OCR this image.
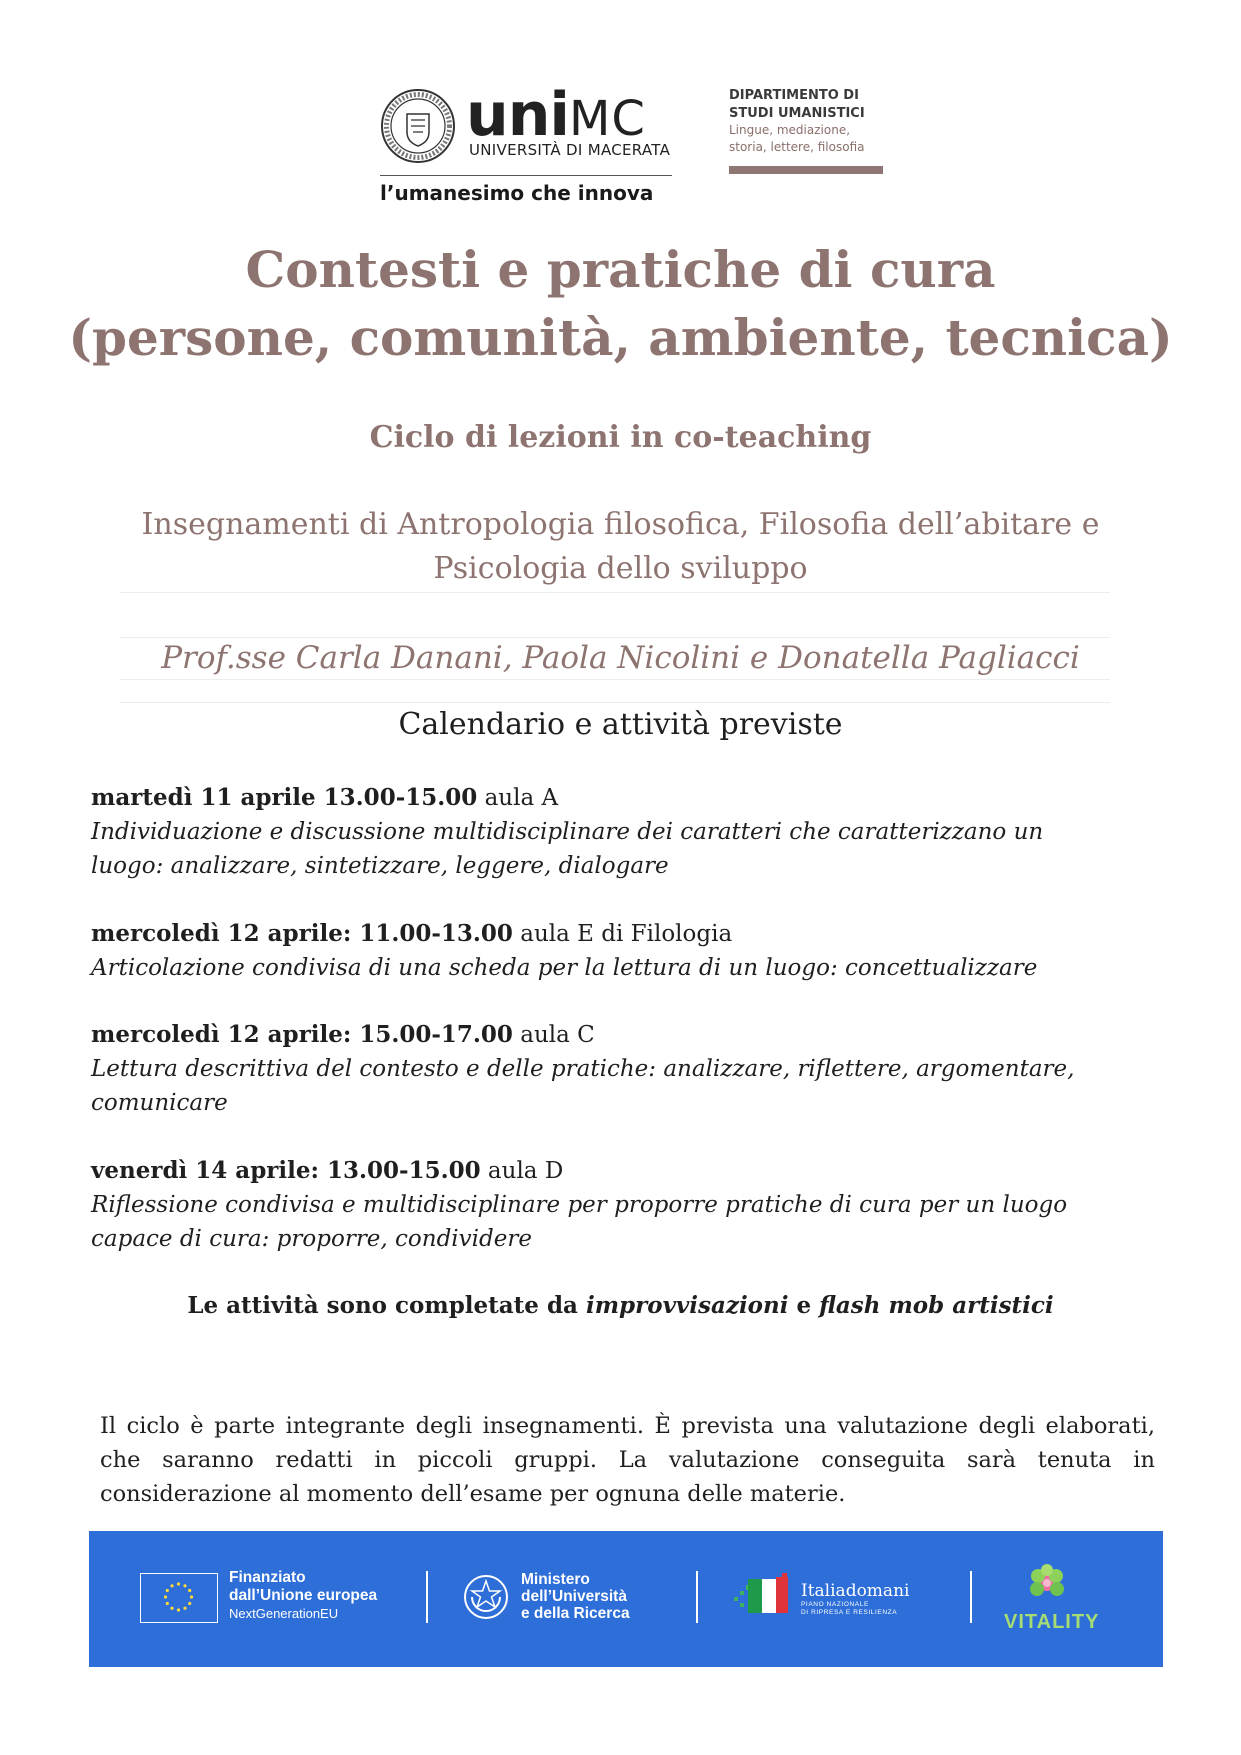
uniMC
UNIVERSITÀ DI MACERATA
l’umanesimo che innova
DIPARTIMENTO DI
STUDI UMANISTICI
Lingue, mediazione,
storia, lettere, filosofia
Contesti e pratiche di cura
(persone, comunità, ambiente, tecnica)
Ciclo di lezioni in co-teaching
Insegnamenti di Antropologia filosofica, Filosofia dell’abitare e
Psicologia dello sviluppo
Prof.sse Carla Danani, Paola Nicolini e Donatella Pagliacci
Calendario e attività previste
martedì 11 aprile 13.00-15.00 aula A
Individuazione e discussione multidisciplinare dei caratteri che caratterizzano un
luogo: analizzare, sintetizzare, leggere, dialogare
mercoledì 12 aprile: 11.00-13.00 aula E di Filologia
Articolazione condivisa di una scheda per la lettura di un luogo: concettualizzare
mercoledì 12 aprile: 15.00-17.00 aula C
Lettura descrittiva del contesto e delle pratiche: analizzare, riflettere, argomentare,
comunicare
venerdì 14 aprile: 13.00-15.00 aula D
Riflessione condivisa e multidisciplinare per proporre pratiche di cura per un luogo
capace di cura: proporre, condividere
Le attività sono completate da improvvisazioni e flash mob artistici
Il ciclo è parte integrante degli insegnamenti. È prevista una valutazione degli elaborati, che saranno redatti in piccoli gruppi. La valutazione conseguita sarà tenuta in considerazione al momento dell’esame per ognuna delle materie.
Finanziato
dall’Unione europea
NextGenerationEU
Ministero
dell’Università
e della Ricerca
Italiadomani
PIANO NAZIONALE
DI RIPRESA E RESILIENZA	VITALITY
